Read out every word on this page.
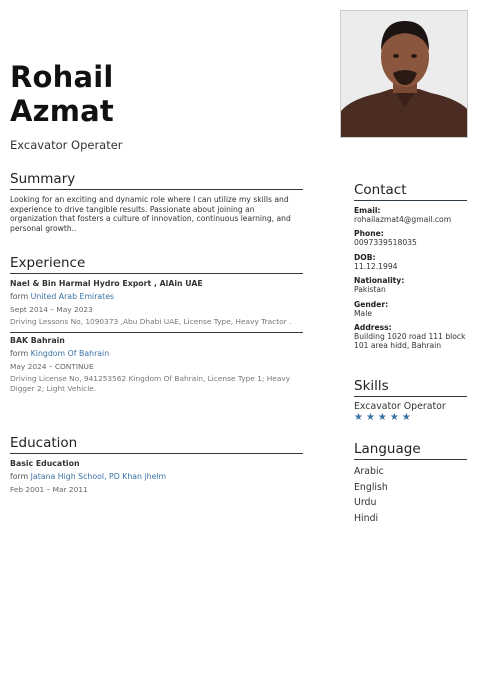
Rohail
Azmat
Excavator Operater
Summary
Looking for an exciting and dynamic role where I can utilize my skills and experience to drive tangible results. Passionate about joining an organization that fosters a culture of innovation, continuous learning, and personal growth..
Experience
Nael & Bin Harmal Hydro Export , AlAin UAE
form United Arab Emirates
Sept 2014 – May 2023
Driving Lessons No, 1090373 ,Abu Dhabi UAE, License Type, Heavy Tractor .
BAK Bahrain
form Kingdom Of Bahrain
May 2024 – CONTINUE
Driving License No, 941253562 Kingdom Of Bahrain, License Type 1; Heavy Digger 2; Light Vehicle.
Education
Basic Education
form Jatana High School, PD Khan jhelm
Feb 2001 – Mar 2011
Contact
Email:
rohailazmat4@gmail.com
Phone:
0097339518035
DOB:
11.12.1994
Nationality:
Pakistan
Gender:
Male
Address:
Building 1020 road 111 block 101 area hidd, Bahrain
Skills
Excavator Operator
★★★★★
Language
Arabic
English
Urdu
Hindi
